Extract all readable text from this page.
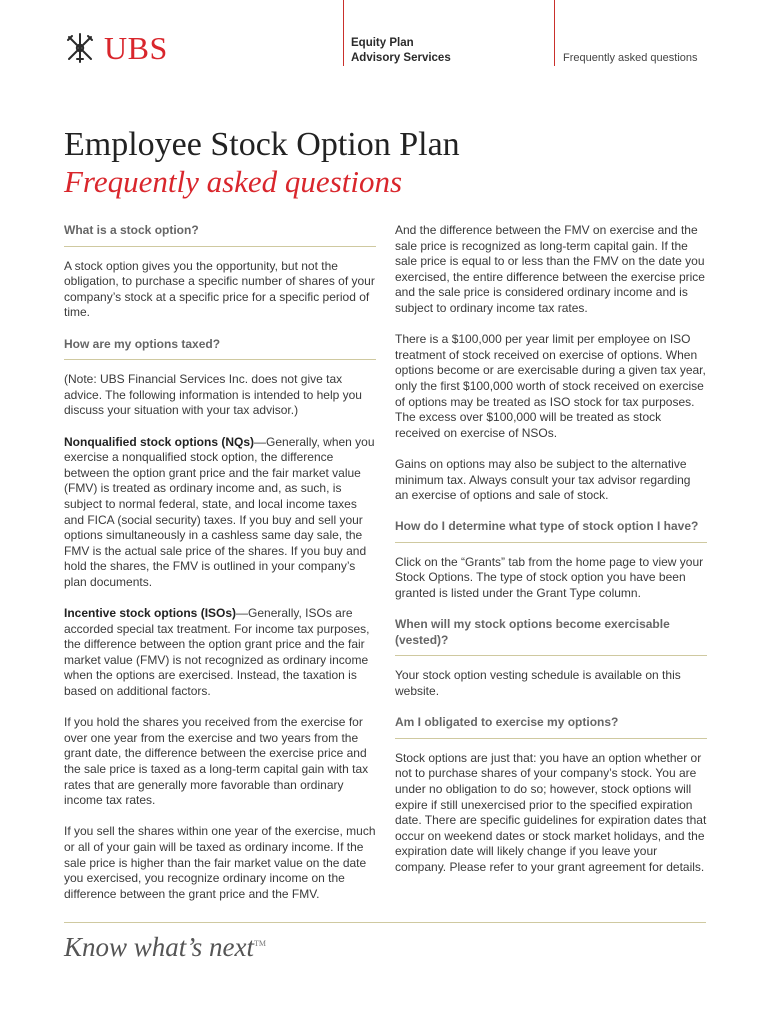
UBS	Equity Plan
Advisory Services	Frequently asked questions
Employee Stock Option Plan
Frequently asked questions
What is a stock option?

A stock option gives you the opportunity, but not the obligation, to purchase a specific number of shares of your company’s stock at a specific price for a specific period of time.

How are my options taxed?

(Note: UBS Financial Services Inc. does not give tax advice. The following information is intended to help you discuss your situation with your tax advisor.)

Nonqualified stock options (NQs)—Generally, when you exercise a nonqualified stock option, the difference between the option grant price and the fair market value (FMV) is treated as ordinary income and, as such, is subject to normal federal, state, and local income taxes and FICA (social security) taxes. If you buy and sell your options simultaneously in a cashless same day sale, the FMV is the actual sale price of the shares. If you buy and hold the shares, the FMV is outlined in your company’s plan documents.

Incentive stock options (ISOs)—Generally, ISOs are accorded special tax treatment. For income tax purposes, the difference between the option grant price and the fair market value (FMV) is not recognized as ordinary income when the options are exercised. Instead, the taxation is based on additional factors.

If you hold the shares you received from the exercise for over one year from the exercise and two years from the grant date, the difference between the exercise price and the sale price is taxed as a long-term capital gain with tax rates that are generally more favorable than ordinary income tax rates.

If you sell the shares within one year of the exercise, much or all of your gain will be taxed as ordinary income. If the sale price is higher than the fair market value on the date you exercised, you recognize ordinary income on the difference between the grant price and the FMV.

And the difference between the FMV on exercise and the sale price is recognized as long-term capital gain. If the sale price is equal to or less than the FMV on the date you exercised, the entire difference between the exercise price and the sale price is considered ordinary income and is subject to ordinary income tax rates.

There is a $100,000 per year limit per employee on ISO treatment of stock received on exercise of options. When options become or are exercisable during a given tax year, only the first $100,000 worth of stock received on exercise of options may be treated as ISO stock for tax purposes. The excess over $100,000 will be treated as stock received on exercise of NSOs.

Gains on options may also be subject to the alternative minimum tax. Always consult your tax advisor regarding an exercise of options and sale of stock.

How do I determine what type of stock option I have?

Click on the “Grants” tab from the home page to view your Stock Options. The type of stock option you have been granted is listed under the Grant Type column.

When will my stock options become exercisable (vested)?

Your stock option vesting schedule is available on this website.

Am I obligated to exercise my options?

Stock options are just that: you have an option whether or not to purchase shares of your company’s stock. You are under no obligation to do so; however, stock options will expire if still unexercised prior to the specified expiration date. There are specific guidelines for expiration dates that occur on weekend dates or stock market holidays, and the expiration date will likely change if you leave your company. Please refer to your grant agreement for details.

Know what’s next™
